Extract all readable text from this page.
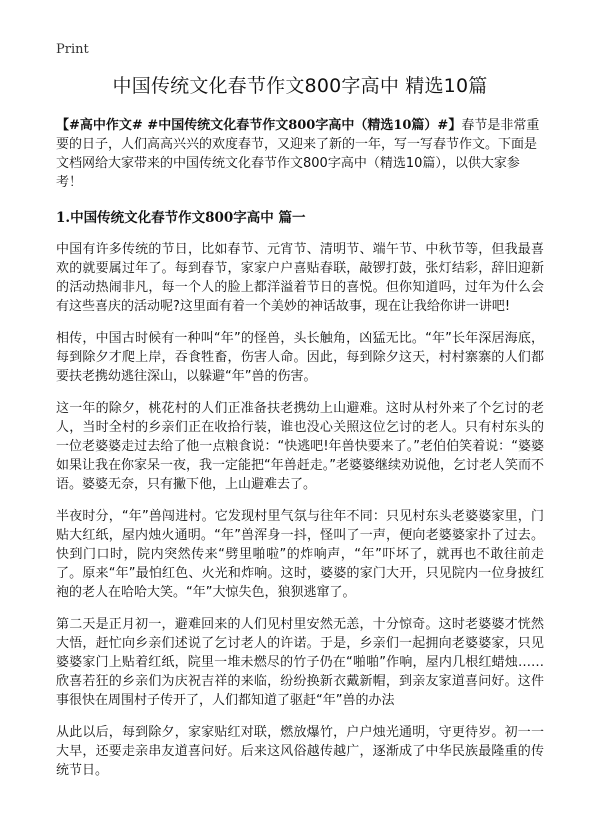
Print
中国传统文化春节作文800字高中 精选10篇

【#高中作文# #中国传统文化春节作文800字高中（精选10篇）#】春节是非常重要的日子，人们高高兴兴的欢度春节，又迎来了新的一年，写一写春节作文。下面是文档网给大家带来的中国传统文化春节作文800字高中（精选10篇），以供大家参考！

1.中国传统文化春节作文800字高中 篇一

中国有许多传统的节日，比如春节、元宵节、清明节、端午节、中秋节等，但我最喜欢的就要属过年了。每到春节，家家户户喜贴春联，敲锣打鼓，张灯结彩，辞旧迎新的活动热闹非凡，每一个人的脸上都洋溢着节日的喜悦。但你知道吗，过年为什么会有这些喜庆的活动呢?这里面有着一个美妙的神话故事，现在让我给你讲一讲吧!

相传，中国古时候有一种叫“年”的怪兽，头长触角，凶猛无比。“年”长年深居海底，每到除夕才爬上岸，吞食牲畜，伤害人命。因此，每到除夕这天，村村寨寨的人们都要扶老携幼逃往深山，以躲避“年”兽的伤害。

这一年的除夕，桃花村的人们正准备扶老携幼上山避难。这时从村外来了个乞讨的老人，当时全村的乡亲们正在收拾行装，谁也没心关照这位乞讨的老人。只有村东头的一位老婆婆走过去给了他一点粮食说：“快逃吧!年兽快要来了。”老伯伯笑着说：“婆婆如果让我在你家呆一夜，我一定能把“年兽赶走。”老婆婆继续劝说他，乞讨老人笑而不语。婆婆无奈，只有撇下他，上山避难去了。

半夜时分，“年”兽闯进村。它发现村里气氛与往年不同：只见村东头老婆婆家里，门贴大红纸，屋内烛火通明。“年”兽浑身一抖，怪叫了一声，便向老婆婆家扑了过去。快到门口时，院内突然传来“劈里啪啦”的炸响声，“年”吓坏了，就再也不敢往前走了。原来“年”最怕红色、火光和炸响。这时，婆婆的家门大开，只见院内一位身披红袍的老人在哈哈大笑。“年”大惊失色，狼狈逃窜了。

第二天是正月初一，避难回来的人们见村里安然无恙，十分惊奇。这时老婆婆才恍然大悟，赶忙向乡亲们述说了乞讨老人的许诺。于是，乡亲们一起拥向老婆婆家，只见婆婆家门上贴着红纸，院里一堆未燃尽的竹子仍在“啪啪”作响，屋内几根红蜡烛……欣喜若狂的乡亲们为庆祝吉祥的来临，纷纷换新衣戴新帽，到亲友家道喜问好。这件事很快在周围村子传开了，人们都知道了驱赶“年”兽的办法

从此以后，每到除夕，家家贴红对联，燃放爆竹，户户烛光通明，守更待岁。初一一大早，还要走亲串友道喜问好。后来这风俗越传越广，逐渐成了中华民族最隆重的传统节日。
